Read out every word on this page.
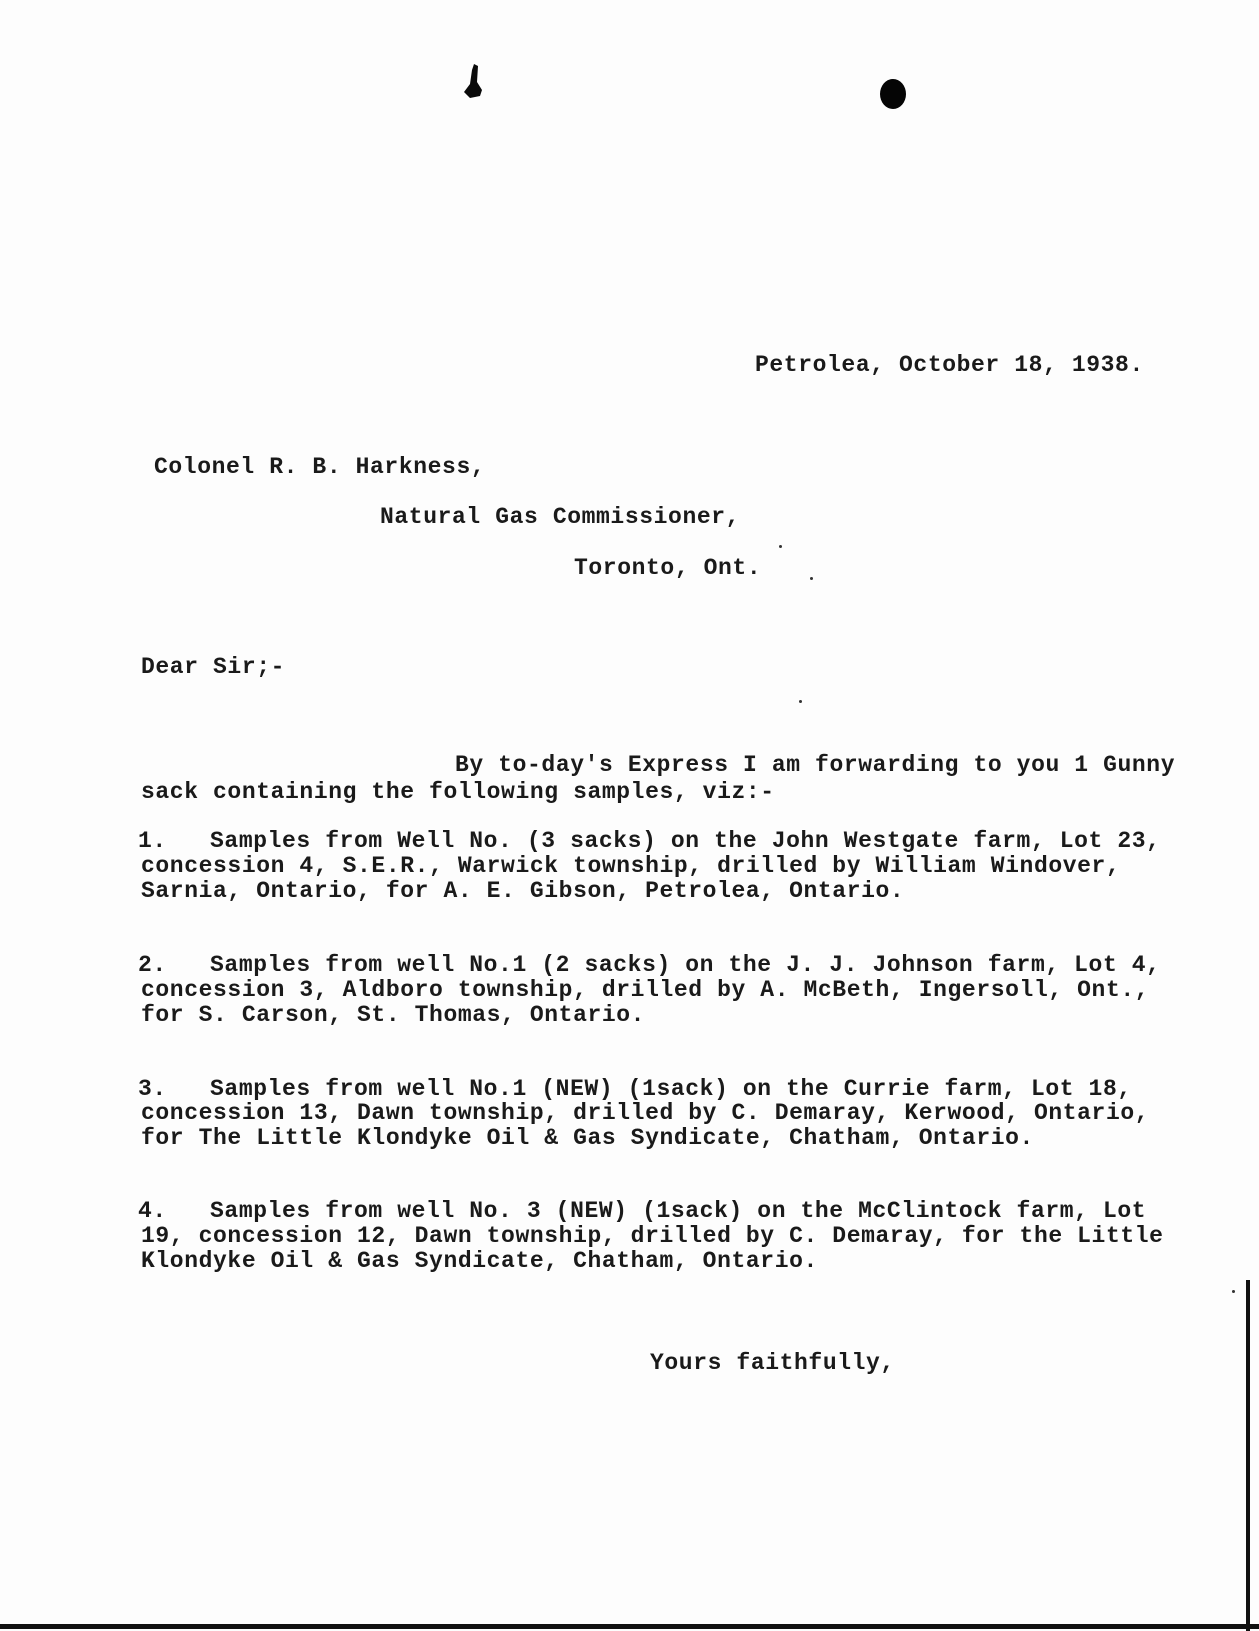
Petrolea, October 18, 1938.
Colonel R. B. Harkness,
Natural Gas Commissioner,
Toronto, Ont.
Dear Sir;-
By to-day's Express I am forwarding to you 1 Gunny
sack containing the following samples, viz:-
1.   Samples from Well No. (3 sacks) on the John Westgate farm, Lot 23,
concession 4, S.E.R., Warwick township, drilled by William Windover,
Sarnia, Ontario, for A. E. Gibson, Petrolea, Ontario.
2.   Samples from well No.1 (2 sacks) on the J. J. Johnson farm, Lot 4,
concession 3, Aldboro township, drilled by A. McBeth, Ingersoll, Ont.,
for S. Carson, St. Thomas, Ontario.
3.   Samples from well No.1 (NEW) (1sack) on the Currie farm, Lot 18,
concession 13, Dawn township, drilled by C. Demaray, Kerwood, Ontario,
for The Little Klondyke Oil & Gas Syndicate, Chatham, Ontario.
4.   Samples from well No. 3 (NEW) (1sack) on the McClintock farm, Lot
19, concession 12, Dawn township, drilled by C. Demaray, for the Little
Klondyke Oil & Gas Syndicate, Chatham, Ontario.
Yours faithfully,
